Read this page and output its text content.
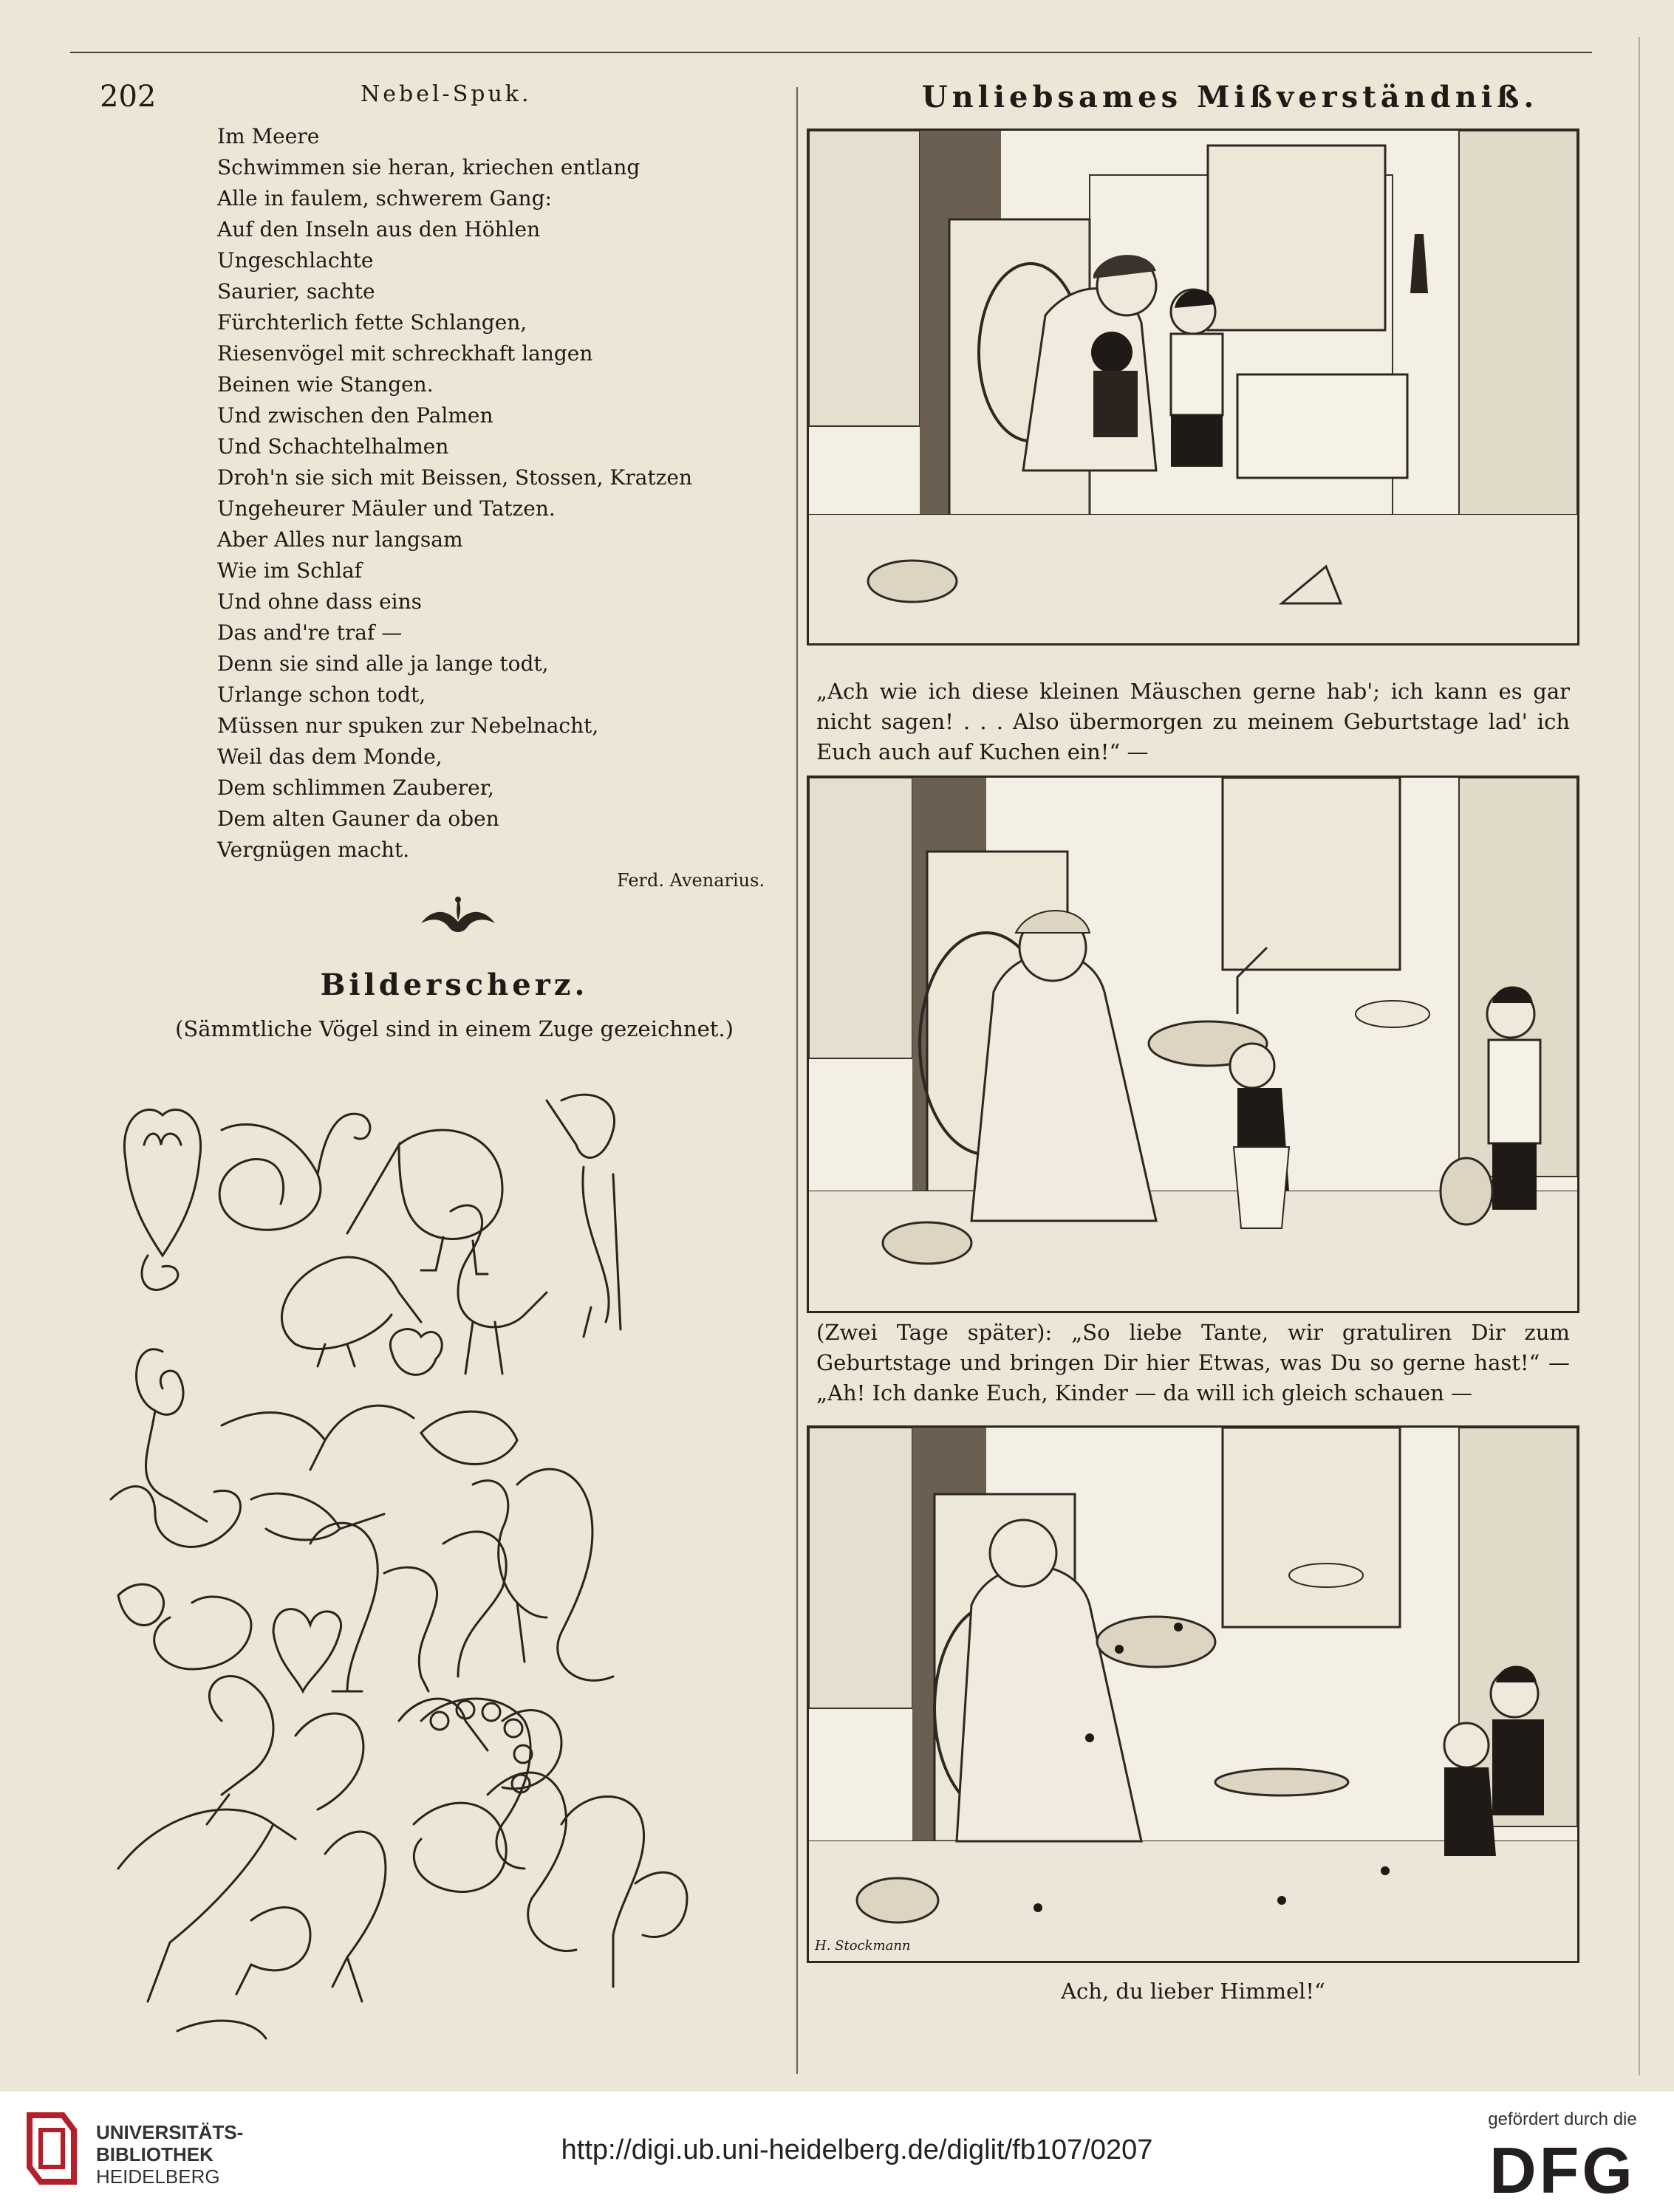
202	Nebel-Spuk.	Unliebsames Mißverständniß.
Im Meere
Schwimmen sie heran, kriechen entlang
Alle in faulem, schwerem Gang:
Auf den Inseln aus den Höhlen
Ungeschlachte
Saurier, sachte
Fürchterlich fette Schlangen,
Riesenvögel mit schreckhaft langen
Beinen wie Stangen.
Und zwischen den Palmen
Und Schachtelhalmen
Droh'n sie sich mit Beissen, Stossen, Kratzen
Ungeheurer Mäuler und Tatzen.
Aber Alles nur langsam
Wie im Schlaf
Und ohne dass eins
Das and're traf —
Denn sie sind alle ja lange todt,
Urlange schon todt,
Müssen nur spuken zur Nebelnacht,
Weil das dem Monde,
Dem schlimmen Zauberer,
Dem alten Gauner da oben
Vergnügen macht.
Ferd. Avenarius.
Bilderscherz.
(Sämmtliche Vögel sind in einem Zuge gezeichnet.)
„Ach wie ich diese kleinen Mäuschen gerne hab'; ich kann es gar nicht sagen! . . . Also übermorgen zu meinem Geburtstage lad' ich Euch auch auf Kuchen ein!“ —
(Zwei Tage später): „So liebe Tante, wir gratuliren Dir zum Geburtstage und bringen Dir hier Etwas, was Du so gerne hast!“ — „Ah! Ich danke Euch, Kinder — da will ich gleich schauen —
H. Stockmann
Ach, du lieber Himmel!“
UNIVERSITÄTS-
BIBLIOTHEK
HEIDELBERG
http://digi.ub.uni-heidelberg.de/diglit/fb107/0207
gefördert durch die
DFG
